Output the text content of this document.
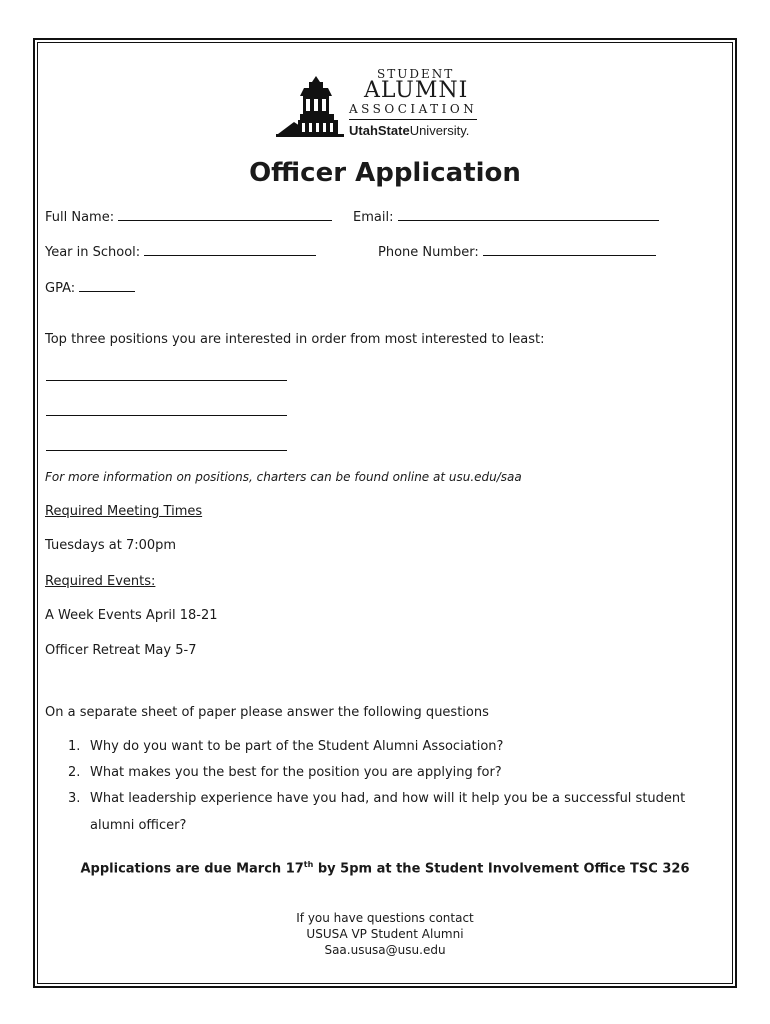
STUDENT
ALUMNI
ASSOCIATION
UtahStateUniversity.
Officer Application
Full Name:	Email:
Year in School:	Phone Number:
GPA:
Top three positions you are interested in order from most interested to least:
For more information on positions, charters can be found online at usu.edu/saa
Required Meeting Times
Tuesdays at 7:00pm
Required Events:
A Week Events April 18-21
Officer Retreat May 5-7
On a separate sheet of paper please answer the following questions
1. Why do you want to be part of the Student Alumni Association?
2. What makes you the best for the position you are applying for?
3. What leadership experience have you had, and how will it help you be a successful student
alumni officer?
Applications are due March 17th by 5pm at the Student Involvement Office TSC 326
If you have questions contact
USUSA VP Student Alumni
Saa.ususa@usu.edu
